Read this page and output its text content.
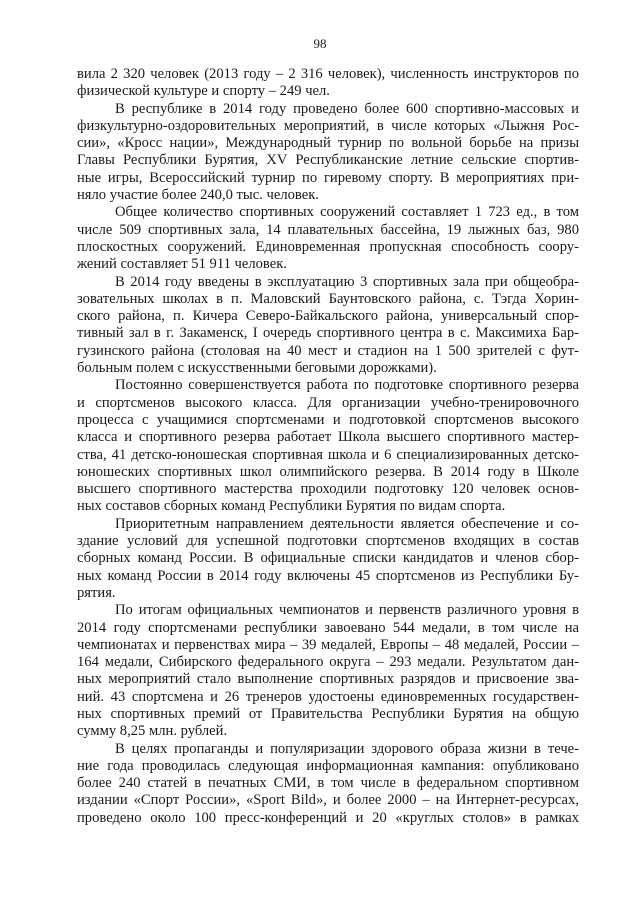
98
вила 2 320 человек (2013 году – 2 316 человек), численность инструкторов по
физической культуре и спорту – 249 чел.
В республике в 2014 году проведено более 600 спортивно-массовых и
физкультурно-оздоровительных мероприятий, в числе которых «Лыжня Рос-
сии», «Кросс нации», Международный турнир по вольной борьбе на призы
Главы Республики Бурятия, XV Республиканские летние сельские спортив-
ные игры, Всероссийский турнир по гиревому спорту. В мероприятиях при-
няло участие более 240,0 тыс. человек.
Общее количество спортивных сооружений составляет 1 723 ед., в том
числе 509 спортивных зала, 14 плавательных бассейна, 19 лыжных баз, 980
плоскостных сооружений. Единовременная пропускная способность соору-
жений составляет 51 911 человек.
В 2014 году введены в эксплуатацию 3 спортивных зала при общеобра-
зовательных школах в п. Маловский Баунтовского района, с. Тэгда Хорин-
ского района, п. Кичера Северо-Байкальского района, универсальный спор-
тивный зал в г. Закаменск, I очередь спортивного центра в с. Максимиха Бар-
гузинского района (столовая на 40 мест и стадион на 1 500 зрителей с фут-
больным полем с искусственными беговыми дорожками).
Постоянно совершенствуется работа по подготовке спортивного резерва
и спортсменов высокого класса. Для организации учебно-тренировочного
процесса с учащимися спортсменами и подготовкой спортсменов высокого
класса и спортивного резерва работает Школа высшего спортивного мастер-
ства, 41 детско-юношеская спортивная школа и 6 специализированных детско-
юношеских спортивных школ олимпийского резерва. В 2014 году в Школе
высшего спортивного мастерства проходили подготовку 120 человек основ-
ных составов сборных команд Республики Бурятия по видам спорта.
Приоритетным направлением деятельности является обеспечение и со-
здание условий для успешной подготовки спортсменов входящих в состав
сборных команд России. В официальные списки кандидатов и членов сбор-
ных команд России в 2014 году включены 45 спортсменов из Республики Бу-
рятия.
По итогам официальных чемпионатов и первенств различного уровня в
2014 году спортсменами республики завоевано 544 медали, в том числе на
чемпионатах и первенствах мира – 39 медалей, Европы – 48 медалей, России –
164 медали, Сибирского федерального округа – 293 медали. Результатом дан-
ных мероприятий стало выполнение спортивных разрядов и присвоение зва-
ний. 43 спортсмена и 26 тренеров удостоены единовременных государствен-
ных спортивных премий от Правительства Республики Бурятия на общую
сумму 8,25 млн. рублей.
В целях пропаганды и популяризации здорового образа жизни в тече-
ние года проводилась следующая информационная кампания: опубликовано
более 240 статей в печатных СМИ, в том числе в федеральном спортивном
издании «Спорт России», «Sport Bild», и более 2000 – на Интернет-ресурсах,
проведено около 100 пресс-конференций и 20 «круглых столов» в рамках
